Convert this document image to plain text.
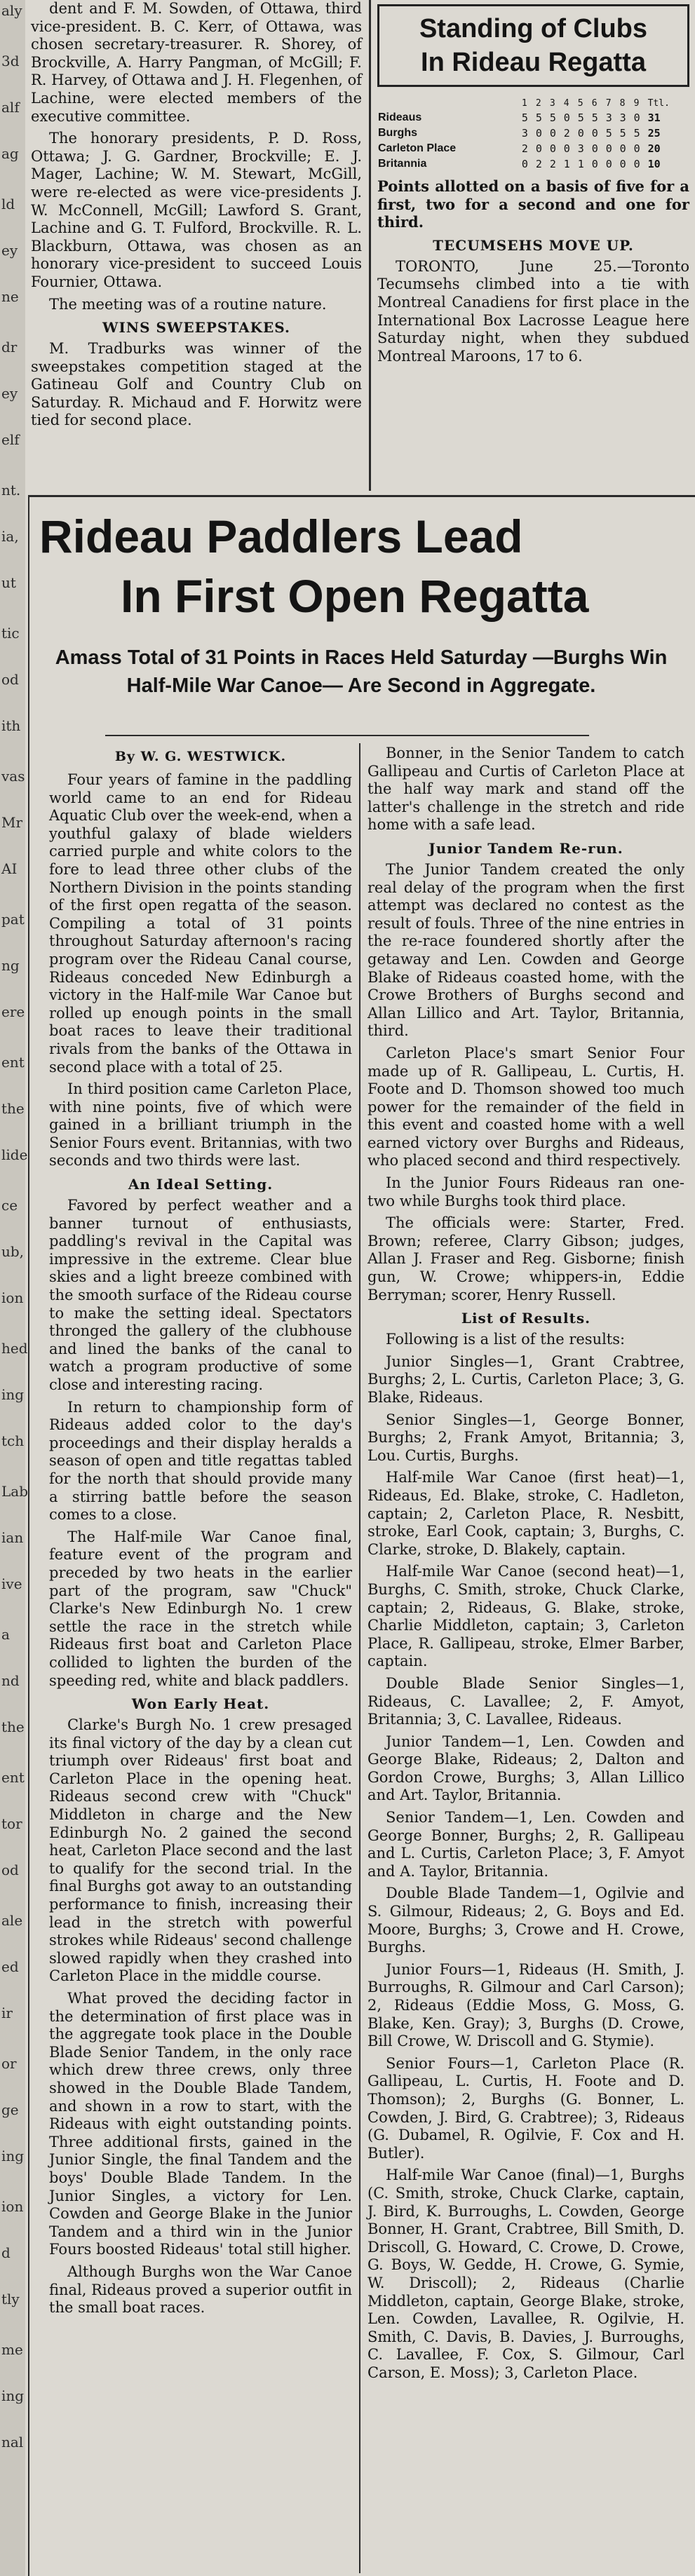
aly
3d
alf
ag
ld
ey
ne
dr
ey
elf
nt.
ia,
ut
tic
od
ith
vas
Mr
AI
pat
ng
ere
ent
the
lide
ce
ub,
ion
hed
ing
tch
Lab
ian
ive
a
nd
the
ent
tor
od
ale
ed
ir
or
ge
ing
ion
d
tly
me
ing
nal

dent and F. M. Sowden, of Ottawa, third vice-president. B. C. Kerr, of Ottawa, was chosen secretary-treasurer. R. Shorey, of Brockville, A. Harry Pangman, of McGill; F. R. Harvey, of Ottawa and J. H. Flegenhen, of Lachine, were elected members of the executive committee.

The honorary presidents, P. D. Ross, Ottawa; J. G. Gardner, Brockville; E. J. Mager, Lachine; W. M. Stewart, McGill, were re-elected as were vice-presidents J. W. McConnell, McGill; Lawford S. Grant, Lachine and G. T. Fulford, Brockville. R. L. Blackburn, Ottawa, was chosen as an honorary vice-president to succeed Louis Fournier, Ottawa.

The meeting was of a routine nature.

WINS SWEEPSTAKES.

M. Tradburks was winner of the sweepstakes competition staged at the Gatineau Golf and Country Club on Saturday. R. Michaud and F. Horwitz were tied for second place.

Standing of Clubs
In Rideau Regatta
	1	2	3	4	5	6	7	8	9	Ttl.
Rideaus	5	5	5	0	5	5	3	3	0	31
Burghs	3	0	0	2	0	0	5	5	5	25
Carleton Place	2	0	0	0	3	0	0	0	0	20
Britannia	0	2	2	1	1	0	0	0	0	10

Points allotted on a basis of five for a first, two for a second and one for third.

TECUMSEHS MOVE UP.

TORONTO, June 25.—Toronto Tecumsehs climbed into a tie with Montreal Canadiens for first place in the International Box Lacrosse League here Saturday night, when they subdued Montreal Maroons, 17 to 6.

Rideau Paddlers Lead
In First Open Regatta
Amass Total of 31 Points in Races Held Saturday —Burghs Win Half-Mile War Canoe— Are Second in Aggregate.
By W. G. WESTWICK.

Four years of famine in the paddling world came to an end for Rideau Aquatic Club over the week-end, when a youthful galaxy of blade wielders carried purple and white colors to the fore to lead three other clubs of the Northern Division in the points standing of the first open regatta of the season. Compiling a total of 31 points throughout Saturday afternoon's racing program over the Rideau Canal course, Rideaus conceded New Edinburgh a victory in the Half-mile War Canoe but rolled up enough points in the small boat races to leave their traditional rivals from the banks of the Ottawa in second place with a total of 25.

In third position came Carleton Place, with nine points, five of which were gained in a brilliant triumph in the Senior Fours event. Britannias, with two seconds and two thirds were last.

An Ideal Setting.

Favored by perfect weather and a banner turnout of enthusiasts, paddling's revival in the Capital was impressive in the extreme. Clear blue skies and a light breeze combined with the smooth surface of the Rideau course to make the setting ideal. Spectators thronged the gallery of the clubhouse and lined the banks of the canal to watch a program productive of some close and interesting racing.

In return to championship form of Rideaus added color to the day's proceedings and their display heralds a season of open and title regattas tabled for the north that should provide many a stirring battle before the season comes to a close.

The Half-mile War Canoe final, feature event of the program and preceded by two heats in the earlier part of the program, saw "Chuck" Clarke's New Edinburgh No. 1 crew settle the race in the stretch while Rideaus first boat and Carleton Place collided to lighten the burden of the speeding red, white and black paddlers.

Won Early Heat.

Clarke's Burgh No. 1 crew presaged its final victory of the day by a clean cut triumph over Rideaus' first boat and Carleton Place in the opening heat. Rideaus second crew with "Chuck" Middleton in charge and the New Edinburgh No. 2 gained the second heat, Carleton Place second and the last to qualify for the second trial. In the final Burghs got away to an outstanding performance to finish, increasing their lead in the stretch with powerful strokes while Rideaus' second challenge slowed rapidly when they crashed into Carleton Place in the middle course.

What proved the deciding factor in the determination of first place was in the aggregate took place in the Double Blade Senior Tandem, in the only race which drew three crews, only three showed in the Double Blade Tandem, and shown in a row to start, with the Rideaus with eight outstanding points. Three additional firsts, gained in the Junior Single, the final Tandem and the boys' Double Blade Tandem. In the Junior Singles, a victory for Len. Cowden and George Blake in the Junior Tandem and a third win in the Junior Fours boosted Rideaus' total still higher.

Although Burghs won the War Canoe final, Rideaus proved a superior outfit in the small boat races.

Bonner, in the Senior Tandem to catch Gallipeau and Curtis of Carleton Place at the half way mark and stand off the latter's challenge in the stretch and ride home with a safe lead.

Junior Tandem Re-run.

The Junior Tandem created the only real delay of the program when the first attempt was declared no contest as the result of fouls. Three of the nine entries in the re-race foundered shortly after the getaway and Len. Cowden and George Blake of Rideaus coasted home, with the Crowe Brothers of Burghs second and Allan Lillico and Art. Taylor, Britannia, third.

Carleton Place's smart Senior Four made up of R. Gallipeau, L. Curtis, H. Foote and D. Thomson showed too much power for the remainder of the field in this event and coasted home with a well earned victory over Burghs and Rideaus, who placed second and third respectively.

In the Junior Fours Rideaus ran one-two while Burghs took third place.

The officials were: Starter, Fred. Brown; referee, Clarry Gibson; judges, Allan J. Fraser and Reg. Gisborne; finish gun, W. Crowe; whippers-in, Eddie Berryman; scorer, Henry Russell.

List of Results.

Following is a list of the results:

Junior Singles—1, Grant Crabtree, Burghs; 2, L. Curtis, Carleton Place; 3, G. Blake, Rideaus.

Senior Singles—1, George Bonner, Burghs; 2, Frank Amyot, Britannia; 3, Lou. Curtis, Burghs.

Half-mile War Canoe (first heat)—1, Rideaus, Ed. Blake, stroke, C. Hadleton, captain; 2, Carleton Place, R. Nesbitt, stroke, Earl Cook, captain; 3, Burghs, C. Clarke, stroke, D. Blakely, captain.

Half-mile War Canoe (second heat)—1, Burghs, C. Smith, stroke, Chuck Clarke, captain; 2, Rideaus, G. Blake, stroke, Charlie Middleton, captain; 3, Carleton Place, R. Gallipeau, stroke, Elmer Barber, captain.

Double Blade Senior Singles—1, Rideaus, C. Lavallee; 2, F. Amyot, Britannia; 3, C. Lavallee, Rideaus.

Junior Tandem—1, Len. Cowden and George Blake, Rideaus; 2, Dalton and Gordon Crowe, Burghs; 3, Allan Lillico and Art. Taylor, Britannia.

Senior Tandem—1, Len. Cowden and George Bonner, Burghs; 2, R. Gallipeau and L. Curtis, Carleton Place; 3, F. Amyot and A. Taylor, Britannia.

Double Blade Tandem—1, Ogilvie and S. Gilmour, Rideaus; 2, G. Boys and Ed. Moore, Burghs; 3, Crowe and H. Crowe, Burghs.

Junior Fours—1, Rideaus (H. Smith, J. Burroughs, R. Gilmour and Carl Carson); 2, Rideaus (Eddie Moss, G. Moss, G. Blake, Ken. Gray); 3, Burghs (D. Crowe, Bill Crowe, W. Driscoll and G. Stymie).

Senior Fours—1, Carleton Place (R. Gallipeau, L. Curtis, H. Foote and D. Thomson); 2, Burghs (G. Bonner, L. Cowden, J. Bird, G. Crabtree); 3, Rideaus (G. Dubamel, R. Ogilvie, F. Cox and H. Butler).

Half-mile War Canoe (final)—1, Burghs (C. Smith, stroke, Chuck Clarke, captain, J. Bird, K. Burroughs, L. Cowden, George Bonner, H. Grant, Crabtree, Bill Smith, D. Driscoll, G. Howard, C. Crowe, D. Crowe, G. Boys, W. Gedde, H. Crowe, G. Symie, W. Driscoll); 2, Rideaus (Charlie Middleton, captain, George Blake, stroke, Len. Cowden, Lavallee, R. Ogilvie, H. Smith, C. Davis, B. Davies, J. Burroughs, C. Lavallee, F. Cox, S. Gilmour, Carl Carson, E. Moss); 3, Carleton Place.
